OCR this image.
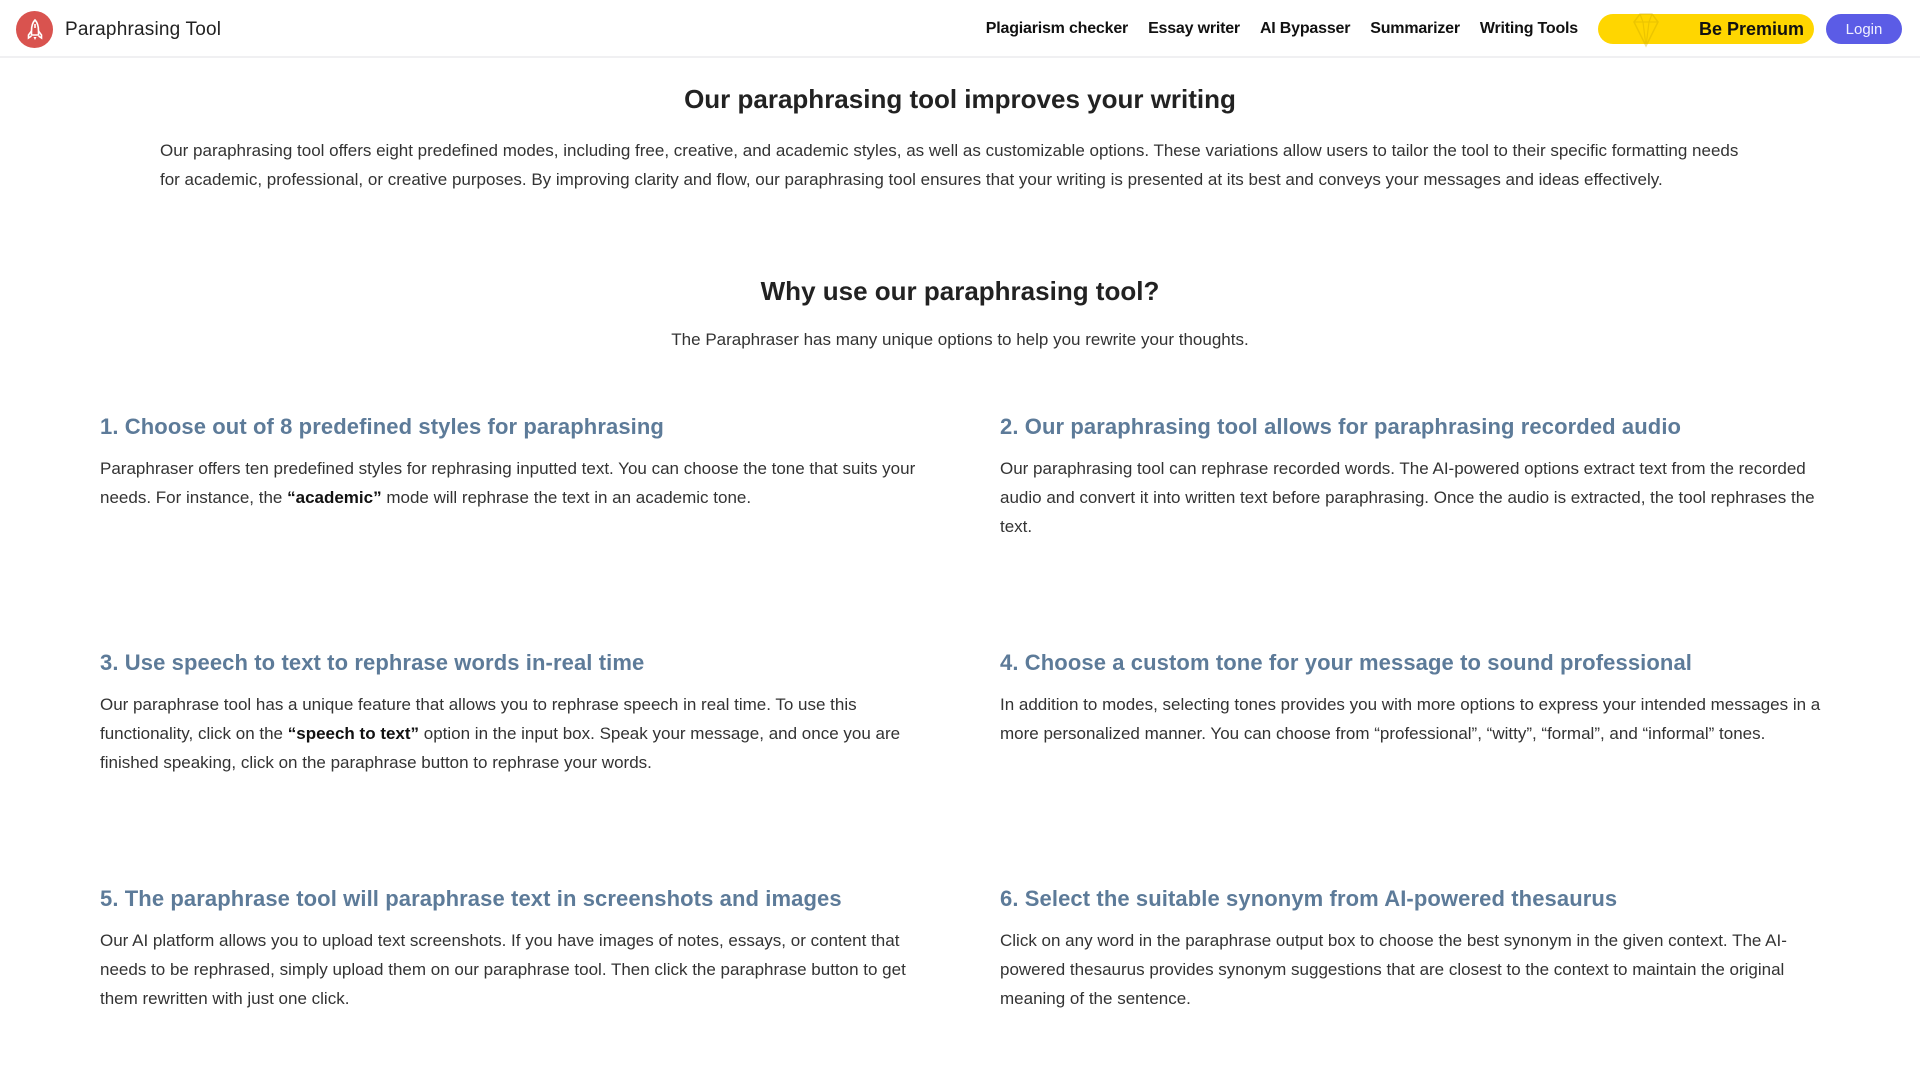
Paraphrasing Tool	Plagiarism checker Essay writer AI Bypasser Summarizer Writing Tools	Be Premium	Login
Our paraphrasing tool improves your writing

Our paraphrasing tool offers eight predefined modes, including free, creative, and academic styles, as well as customizable options. These variations allow users to tailor the tool to their specific formatting needs for academic, professional, or creative purposes. By improving clarity and flow, our paraphrasing tool ensures that your writing is presented at its best and conveys your messages and ideas effectively.

Why use our paraphrasing tool?

The Paraphraser has many unique options to help you rewrite your thoughts.

1. Choose out of 8 predefined styles for paraphrasing

Paraphraser offers ten predefined styles for rephrasing inputted text. You can choose the tone that suits your needs. For instance, the “academic” mode will rephrase the text in an academic tone.

2. Our paraphrasing tool allows for paraphrasing recorded audio

Our paraphrasing tool can rephrase recorded words. The AI-powered options extract text from the recorded audio and convert it into written text before paraphrasing. Once the audio is extracted, the tool rephrases the text.

3. Use speech to text to rephrase words in-real time

Our paraphrase tool has a unique feature that allows you to rephrase speech in real time. To use this functionality, click on the “speech to text” option in the input box. Speak your message, and once you are finished speaking, click on the paraphrase button to rephrase your words.

4. Choose a custom tone for your message to sound professional

In addition to modes, selecting tones provides you with more options to express your intended messages in a more personalized manner. You can choose from “professional”, “witty”, “formal”, and “informal” tones.

5. The paraphrase tool will paraphrase text in screenshots and images

Our AI platform allows you to upload text screenshots. If you have images of notes, essays, or content that needs to be rephrased, simply upload them on our paraphrase tool. Then click the paraphrase button to get them rewritten with just one click.

6. Select the suitable synonym from AI-powered thesaurus

Click on any word in the paraphrase output box to choose the best synonym in the given context. The AI-powered thesaurus provides synonym suggestions that are closest to the context to maintain the original meaning of the sentence.
